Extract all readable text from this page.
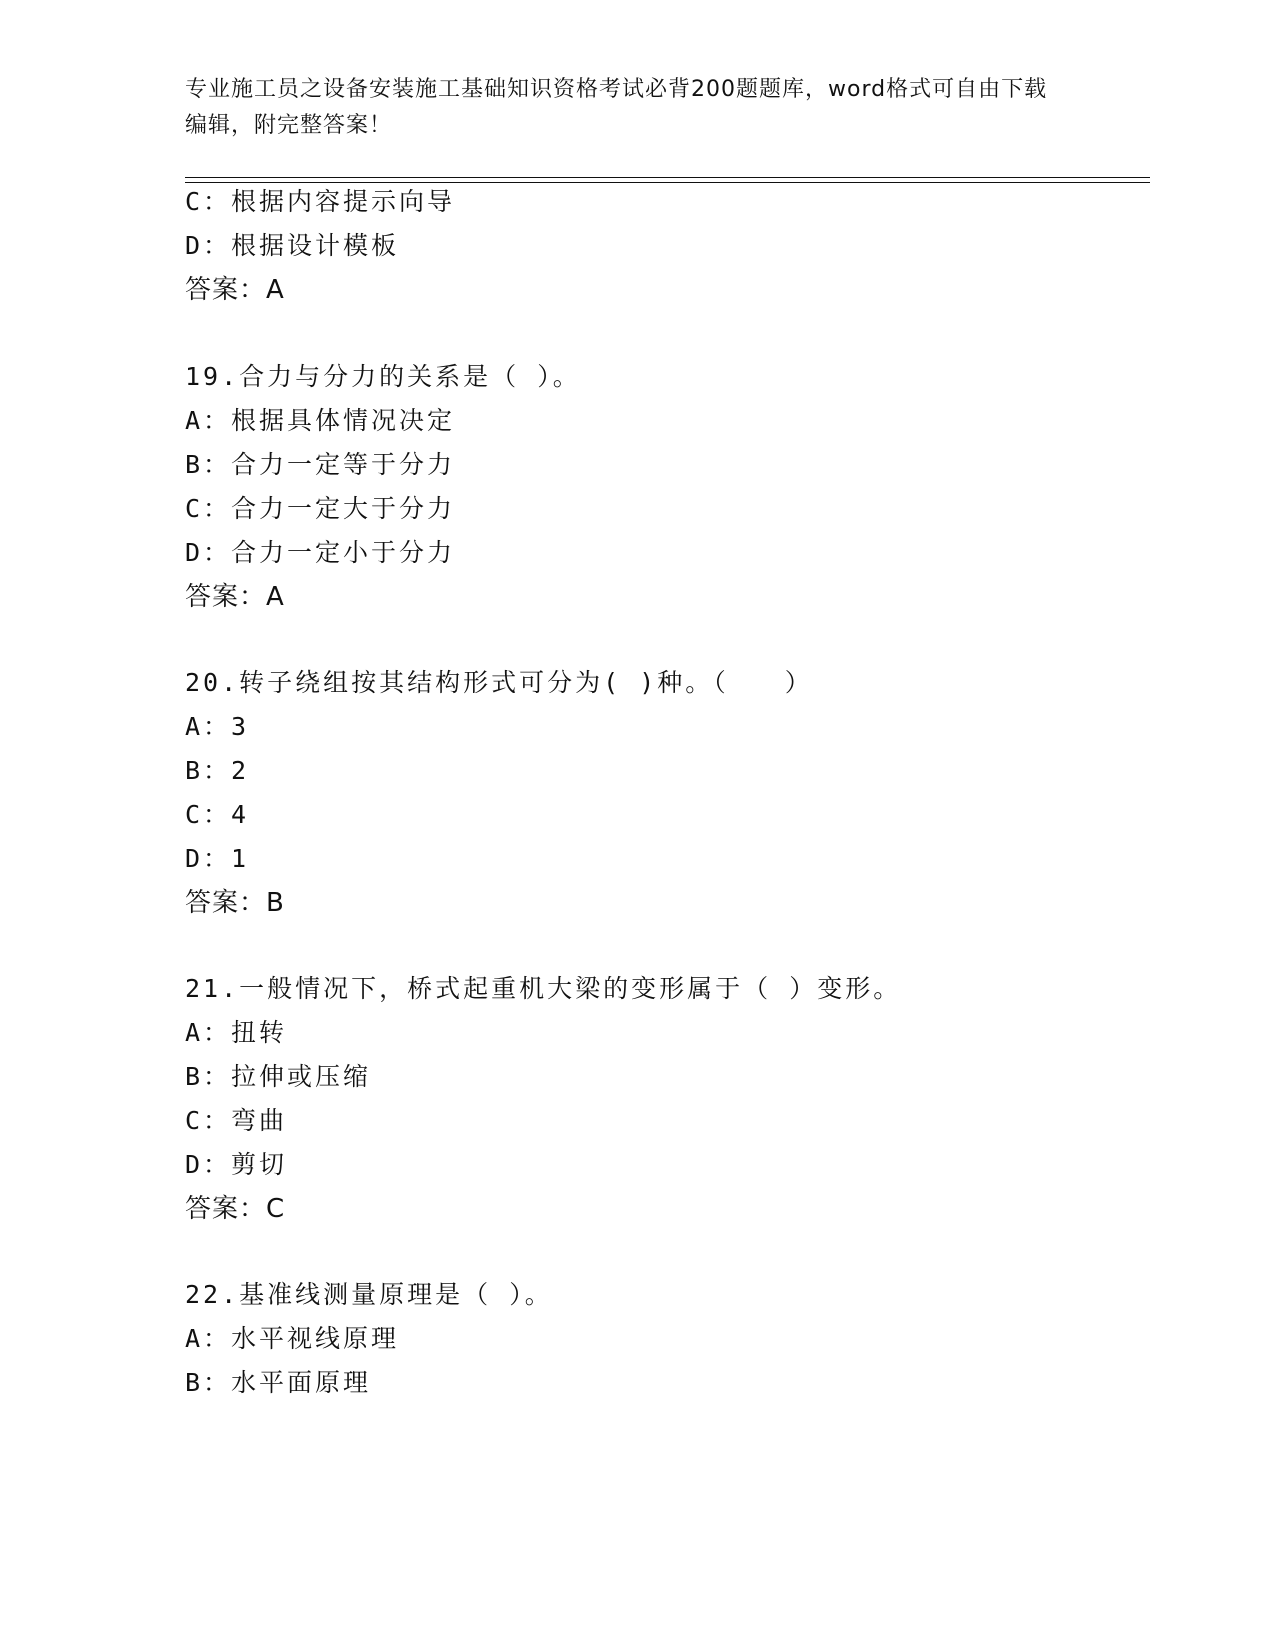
专业施工员之设备安装施工基础知识资格考试必背200题题库，word格式可自由下载编辑，附完整答案！
C：根据内容提示向导
D：根据设计模板
答案：A
19.合力与分力的关系是（ ）。
A：根据具体情况决定
B：合力一定等于分力
C：合力一定大于分力
D：合力一定小于分力
答案：A
20.转子绕组按其结构形式可分为( )种。（　　）
A：3
B：2
C：4
D：1
答案：B
21.一般情况下，桥式起重机大梁的变形属于（ ）变形。
A：扭转
B：拉伸或压缩
C：弯曲
D：剪切
答案：C
22.基准线测量原理是（ ）。
A：水平视线原理
B：水平面原理
